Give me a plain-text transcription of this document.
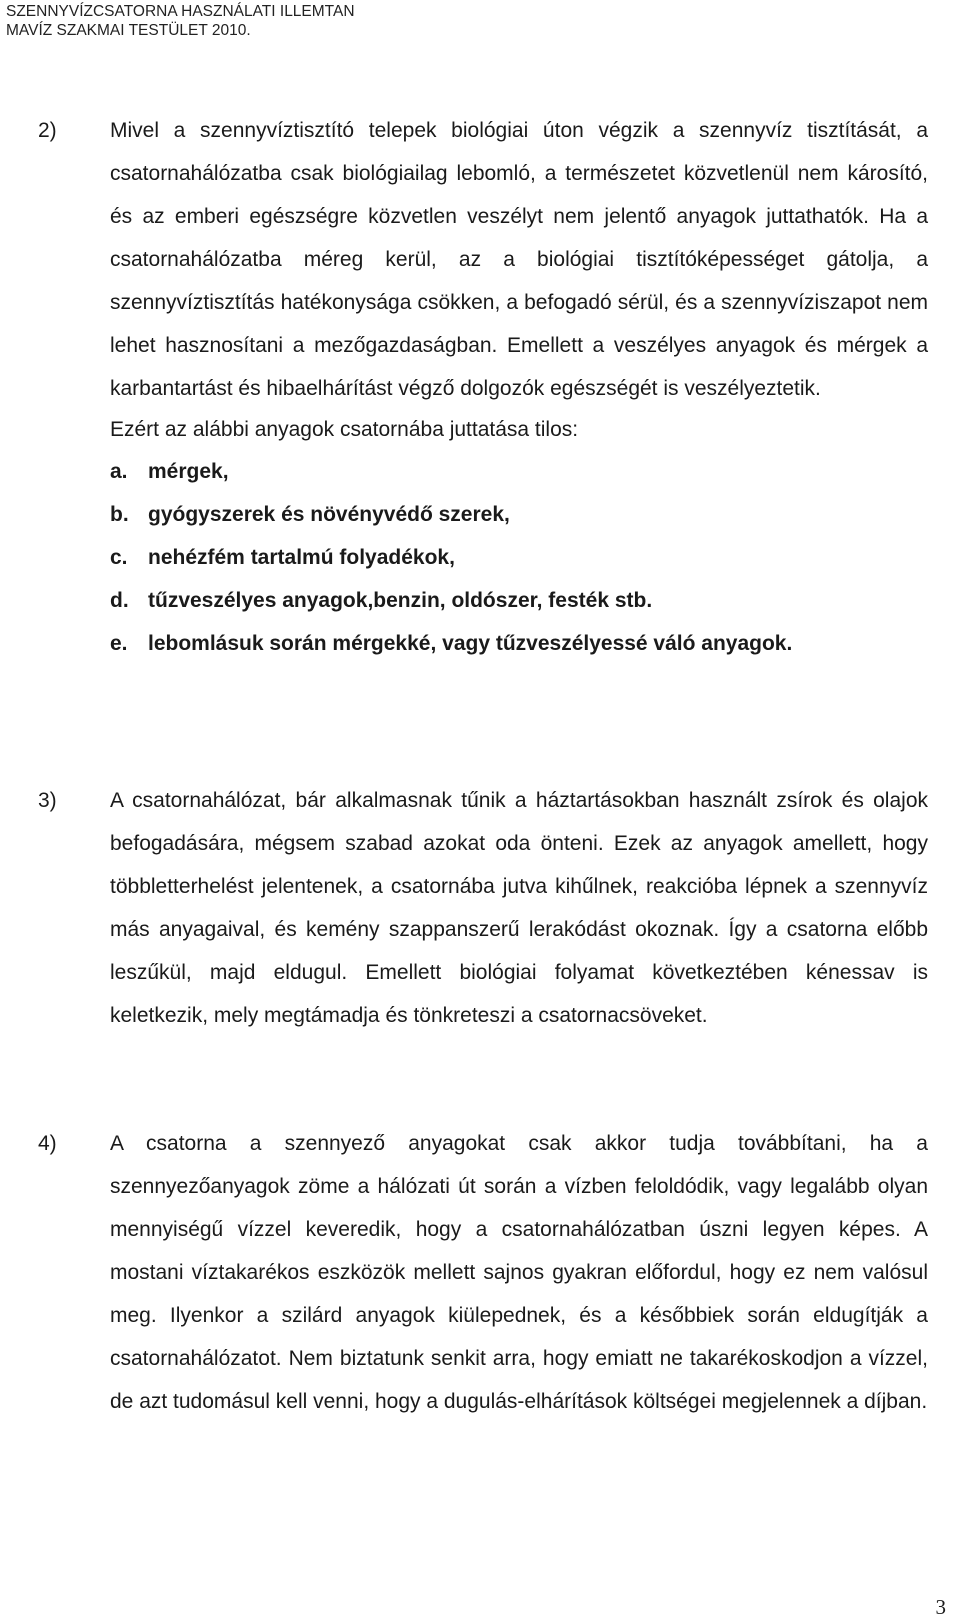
SZENNYVÍZCSATORNA HASZNÁLATI ILLEMTAN
MAVÍZ SZAKMAI TESTÜLET 2010.
2)	Mivel a szennyvíztisztító telepek biológiai úton végzik a szennyvíz tisztítását, a csatornahálózatba csak biológiailag lebomló, a természetet közvetlenül nem károsító, és az emberi egészségre közvetlen veszélyt nem jelentő anyagok juttathatók. Ha a csatornahálózatba méreg kerül, az a biológiai tisztítóképességet gátolja, a szennyvíztisztítás hatékonysága csökken, a befogadó sérül, és a szennyvíziszapot nem lehet hasznosítani a mezőgazdaságban. Emellett a veszélyes anyagok és mérgek a karbantartást és hibaelhárítást végző dolgozók egészségét is veszélyeztetik.

Ezért az alábbi anyagok csatornába juttatása tilos:

a. mérgek,
b. gyógyszerek és növényvédő szerek,
c. nehézfém tartalmú folyadékok,
d. tűzveszélyes anyagok,benzin, oldószer, festék stb.
e. lebomlásuk során mérgekké, vagy tűzveszélyessé váló anyagok.
3)	A csatornahálózat, bár alkalmasnak tűnik a háztartásokban használt zsírok és olajok befogadására, mégsem szabad azokat oda önteni. Ezek az anyagok amellett, hogy többletterhelést jelentenek, a csatornába jutva kihűlnek, reakcióba lépnek a szennyvíz más anyagaival, és kemény szappanszerű lerakódást okoznak. Így a csatorna előbb leszűkül, majd eldugul. Emellett biológiai folyamat következtében kénessav is keletkezik, mely megtámadja és tönkreteszi a csatornacsöveket.

4)	A csatorna a szennyező anyagokat csak akkor tudja továbbítani, ha a szennyezőanyagok zöme a hálózati út során a vízben feloldódik, vagy legalább olyan mennyiségű vízzel keveredik, hogy a csatornahálózatban úszni legyen képes. A mostani víztakarékos eszközök mellett sajnos gyakran előfordul, hogy ez nem valósul meg. Ilyenkor a szilárd anyagok kiülepednek, és a későbbiek során eldugítják a csatornahálózatot. Nem biztatunk senkit arra, hogy emiatt ne takarékoskodjon a vízzel, de azt tudomásul kell venni, hogy a dugulás-elhárítások költségei megjelennek a díjban.

3
